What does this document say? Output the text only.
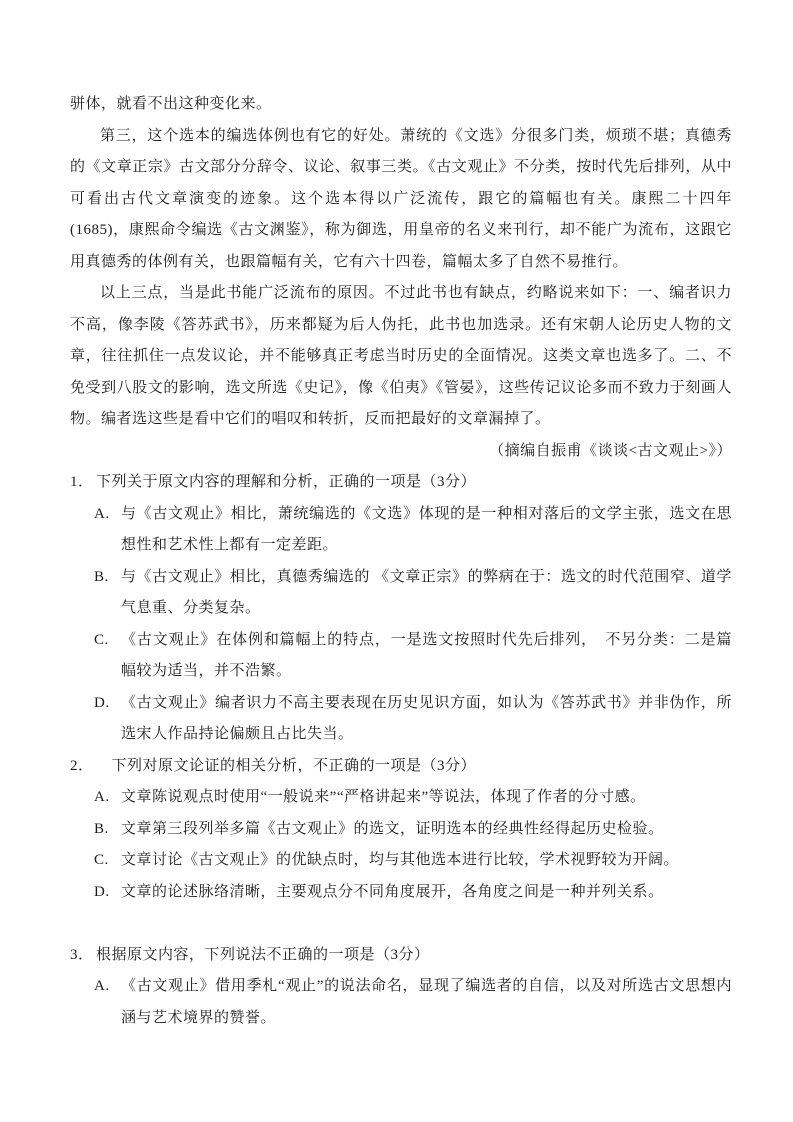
骈体，就看不出这种变化来。

第三，这个选本的编选体例也有它的好处。萧统的《文选》分很多门类，烦琐不堪；真德秀的《文章正宗》古文部分分辞令、议论、叙事三类。《古文观止》不分类，按时代先后排列，从中可看出古代文章演变的迹象。这个选本得以广泛流传，跟它的篇幅也有关。康熙二十四年(1685)，康熙命令编选《古文渊鉴》，称为御选，用皇帝的名义来刊行，却不能广为流布，这跟它用真德秀的体例有关，也跟篇幅有关，它有六十四卷，篇幅太多了自然不易推行。

以上三点，当是此书能广泛流布的原因。不过此书也有缺点，约略说来如下：一、编者识力不高，像李陵《答苏武书》，历来都疑为后人伪托，此书也加选录。还有宋朝人论历史人物的文章，往往抓住一点发议论，并不能够真正考虑当时历史的全面情况。这类文章也选多了。二、不免受到八股文的影响，选文所选《史记》，像《伯夷》《管晏》，这些传记议论多而不致力于刻画人物。编者选这些是看中它们的唱叹和转折，反而把最好的文章漏掉了。

（摘编自振甫《谈谈<古文观止>》）

1． 下列关于原文内容的理解和分析，正确的一项是（3分）
A. 与《古文观止》相比，萧统编选的《文选》体现的是一种相对落后的文学主张，选文在思想性和艺术性上都有一定差距。
B. 与《古文观止》相比，真德秀编选的 《文章正宗》的弊病在于：选文的时代范围窄、道学气息重、分类复杂。
C. 《古文观止》在体例和篇幅上的特点，一是选文按照时代先后排列，　不另分类：二是篇幅较为适当，并不浩繁。
D. 《古文观止》编者识力不高主要表现在历史见识方面，如认为《答苏武书》并非伪作，所选宋人作品持论偏颇且占比失当。
2． 　下列对原文论证的相关分析，不正确的一项是（3分）
A. 文章陈说观点时使用“一般说来”“严格讲起来”等说法，体现了作者的分寸感。
B. 文章第三段列举多篇《古文观止》的选文，证明选本的经典性经得起历史检验。
C. 文章讨论《古文观止》的优缺点时，均与其他选本进行比较，学术视野较为开阔。
D. 文章的论述脉络清晰，主要观点分不同角度展开，各角度之间是一种并列关系。
3． 根据原文内容，下列说法不正确的一项是（3分）
A. 《古文观止》借用季札“观止”的说法命名，显现了编选者的自信，以及对所选古文思想内涵与艺术境界的赞誉。
